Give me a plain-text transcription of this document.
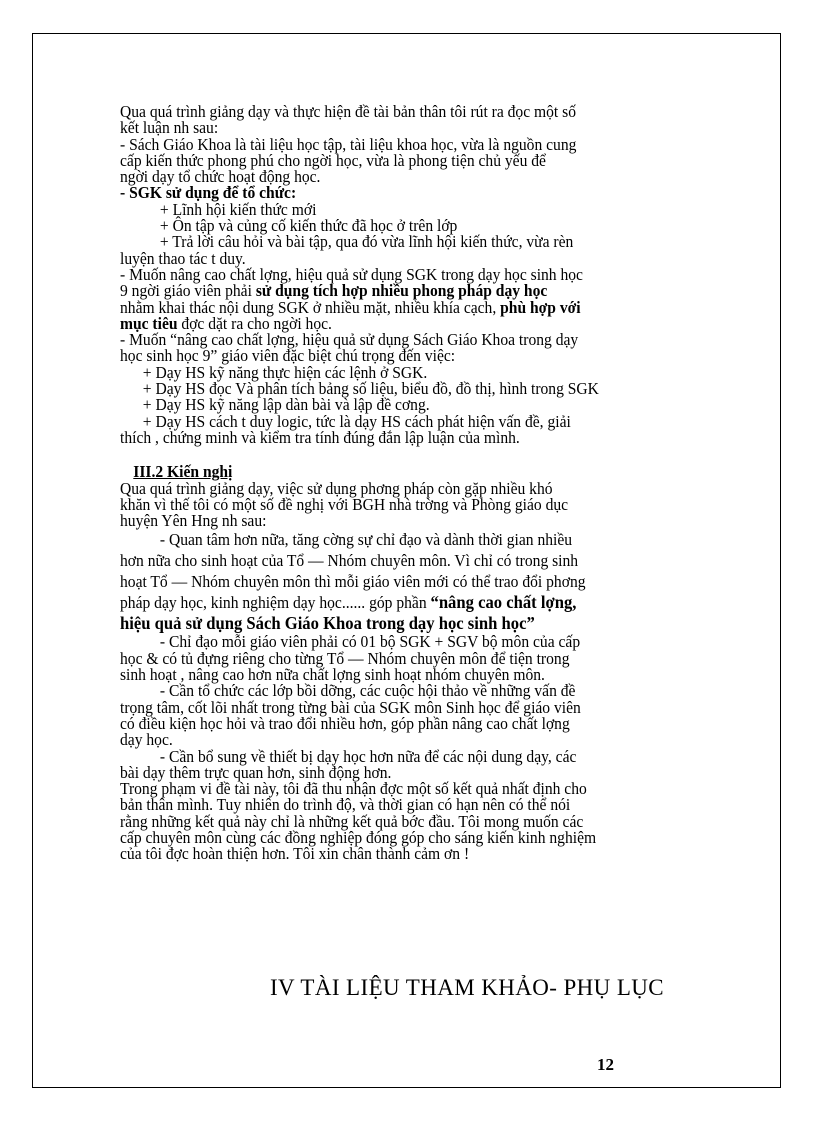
Qua quá trình giảng dạy và thực hiện đề tài bản thân tôi rút ra đọc một số

kết luận nh sau:

- Sách Giáo Khoa là tài liệu học tập, tài liệu khoa học, vừa là nguồn cung

cấp kiến thức phong phú cho ngời học, vừa là phong tiện chủ yếu để

ngời dạy tổ chức hoạt động học.

- SGK sử dụng để tổ chức:

+ Lĩnh hội kiến thức mới

+ Ôn tập và củng cố kiến thức đã học ở trên lớp

+ Trả lời câu hỏi và bài tập, qua đó vừa lĩnh hội kiến thức, vừa rèn

luyện thao tác t duy.

- Muốn nâng cao chất lợng, hiệu quả sử dụng SGK trong dạy học sinh học

9 ngời giáo viên phải sử dụng tích hợp nhiều phong pháp dạy học

nhằm khai thác nội dung SGK ở nhiều mặt, nhiều khía cạch, phù hợp với

mục tiêu đợc dặt ra cho ngời học.

- Muốn “nâng cao chất lợng, hiệu quả sử dụng Sách Giáo Khoa trong dạy

học sinh học 9” giáo viên đặc biệt chú trọng đến việc:

+ Dạy HS kỹ năng thực hiện các lệnh ở SGK.

+ Dạy HS đọc Và phân tích bảng số liệu, biểu đồ, đồ thị, hình trong SGK

+ Dạy HS kỹ năng lập dàn bài và lập đề cơng.

+ Dạy HS cách t duy logic, tức là dạy HS cách phát hiện vấn đề, giải

thích , chứng minh và kiểm tra tính đúng đắn lập luận của mình.

III.2 Kiến nghị

Qua quá trình giảng dạy, việc sử dụng phơng pháp còn gặp nhiều khó

khăn vì thế tôi có một số đề nghị với BGH nhà trờng và Phòng giáo dục

huyện Yên Hng nh sau:

- Quan tâm hơn nữa, tăng cờng sự chỉ đạo và dành thời gian nhiều

hơn nữa cho sinh hoạt của Tổ — Nhóm chuyên môn. Vì chỉ có trong sinh

hoạt Tổ — Nhóm chuyên môn thì mỗi giáo viên mới có thể trao đổi phơng

pháp dạy học, kinh nghiệm dạy học...... góp phần “nâng cao chất lợng,

hiệu quả sử dụng Sách Giáo Khoa trong dạy học sinh học”

- Chỉ đạo mỗi giáo viên phải có 01 bộ SGK + SGV bộ môn của cấp

học & có tủ đựng riêng cho từng Tổ — Nhóm chuyên môn để tiện trong

sinh hoạt , nâng cao hơn nữa chất lợng sinh hoạt nhóm chuyên môn.

- Cần tổ chức các lớp bồi dỡng, các cuộc hội thảo về những vấn đề

trọng tâm, cốt lõi nhất trong từng bài của SGK môn Sinh học để giáo viên

có điều kiện học hỏi và trao đổi nhiều hơn, góp phần nâng cao chất lợng

dạy học.

- Cần bổ sung về thiết bị dạy học hơn nữa để các nội dung dạy, các

bài dạy thêm trực quan hơn, sinh động hơn.

Trong phạm vi đề tài này, tôi đã thu nhận đợc một số kết quả nhất định cho

bản thân mình. Tuy nhiên do trình độ, và thời gian có hạn nên có thể nói

rằng những kết quả này chỉ là những kết quả bớc đầu. Tôi mong muốn các

cấp chuyên môn cùng các đồng nghiệp đóng góp cho sáng kiến kinh nghiệm

của tôi đợc hoàn thiện hơn. Tôi xin chân thành cảm ơn !

IV TÀI LIỆU THAM KHẢO- PHỤ LỤC
12
